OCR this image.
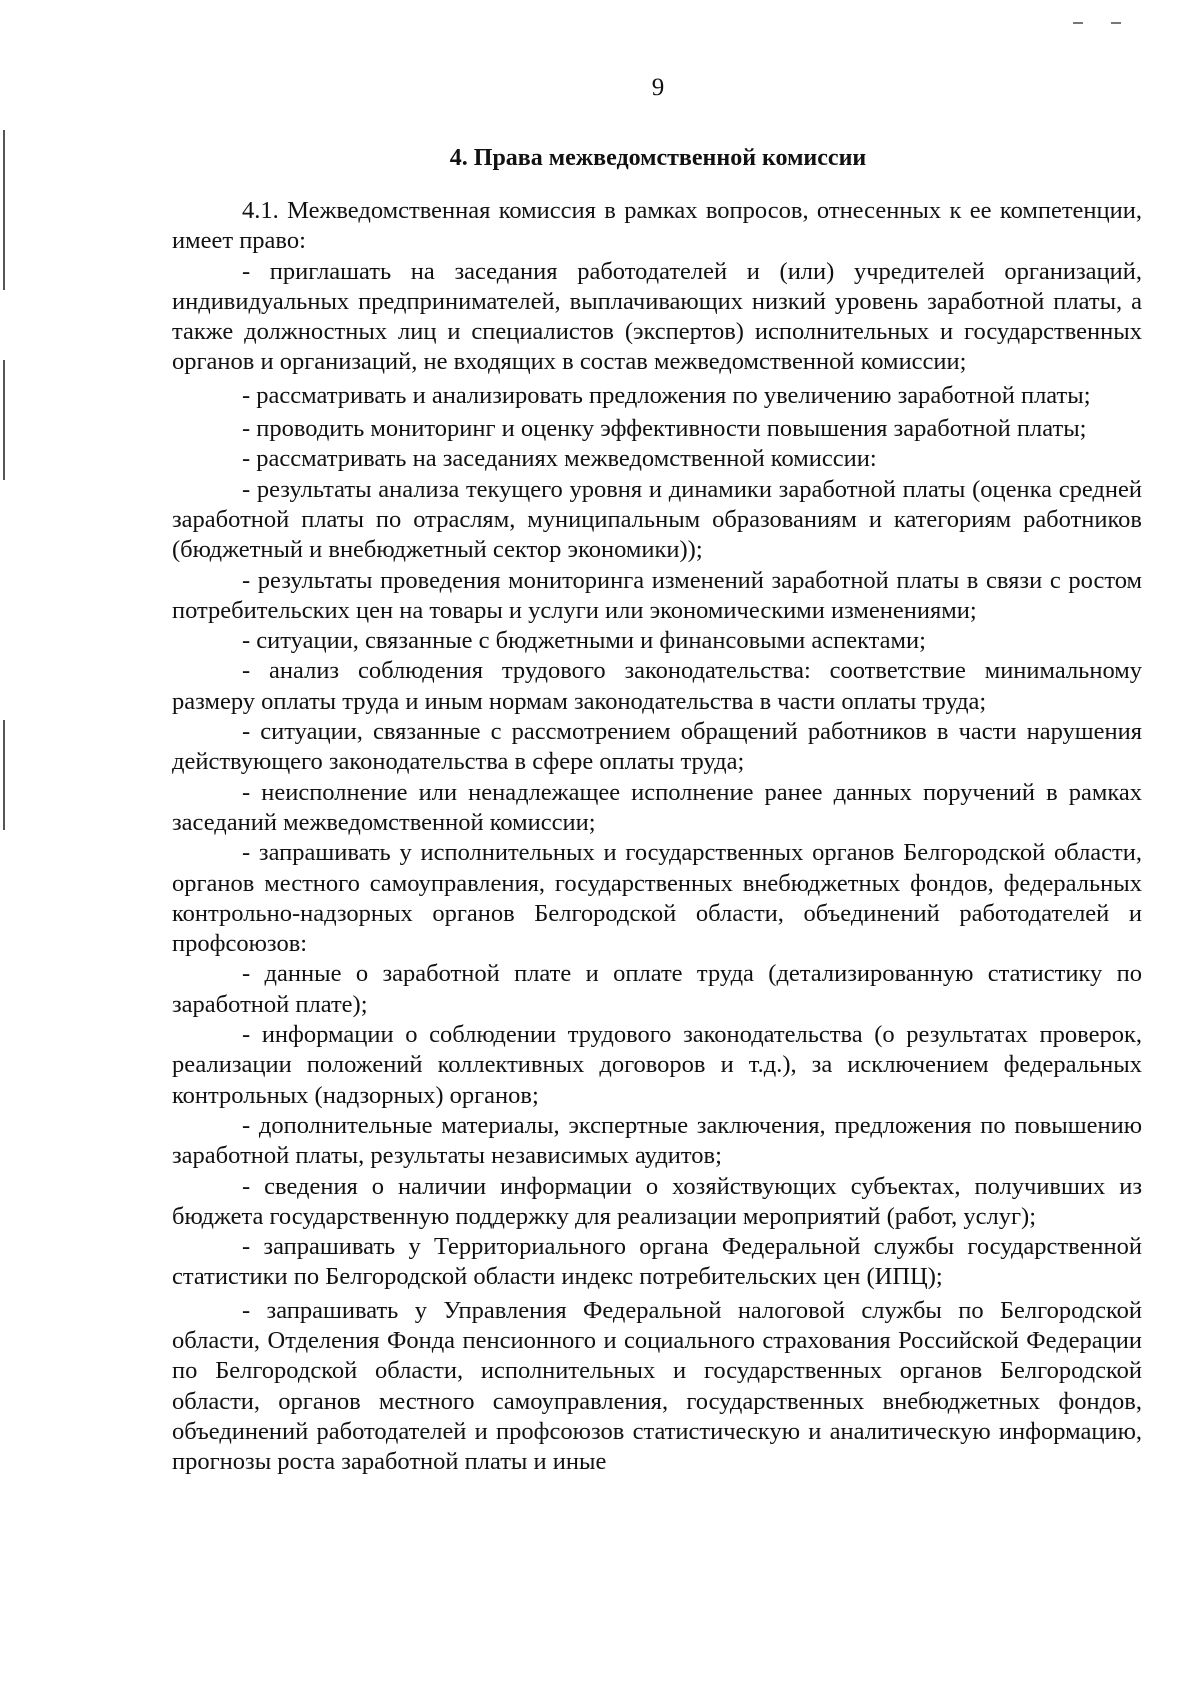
9
4. Права межведомственной комиссии

4.1. Межведомственная комиссия в рамках вопросов, отнесенных к ее компетенции, имеет право:

- приглашать на заседания работодателей и (или) учредителей организаций, индивидуальных предпринимателей, выплачивающих низкий уровень заработной платы, а также должностных лиц и специалистов (экспертов) исполнительных и государственных органов и организаций, не входящих в состав межведомственной комиссии;

- рассматривать и анализировать предложения по увеличению заработной платы;

- проводить мониторинг и оценку эффективности повышения заработной платы;

- рассматривать на заседаниях межведомственной комиссии:

- результаты анализа текущего уровня и динамики заработной платы (оценка средней заработной платы по отраслям, муниципальным образованиям и категориям работников (бюджетный и внебюджетный сектор экономики));

- результаты проведения мониторинга изменений заработной платы в связи с ростом потребительских цен на товары и услуги или экономическими изменениями;

- ситуации, связанные с бюджетными и финансовыми аспектами;

- анализ соблюдения трудового законодательства: соответствие минимальному размеру оплаты труда и иным нормам законодательства в части оплаты труда;

- ситуации, связанные с рассмотрением обращений работников в части нарушения действующего законодательства в сфере оплаты труда;

- неисполнение или ненадлежащее исполнение ранее данных поручений в рамках заседаний межведомственной комиссии;

- запрашивать у исполнительных и государственных органов Белгородской области, органов местного самоуправления, государственных внебюджетных фондов, федеральных контрольно-надзорных органов Белгородской области, объединений работодателей и профсоюзов:

- данные о заработной плате и оплате труда (детализированную статистику по заработной плате);

- информации о соблюдении трудового законодательства (о результатах проверок, реализации положений коллективных договоров и т.д.), за исключением федеральных контрольных (надзорных) органов;

- дополнительные материалы, экспертные заключения, предложения по повышению заработной платы, результаты независимых аудитов;

- сведения о наличии информации о хозяйствующих субъектах, получивших из бюджета государственную поддержку для реализации мероприятий (работ, услуг);

- запрашивать у Территориального органа Федеральной службы государственной статистики по Белгородской области индекс потребительских цен (ИПЦ);

- запрашивать у Управления Федеральной налоговой службы по Белгородской области, Отделения Фонда пенсионного и социального страхования Российской Федерации по Белгородской области, исполнительных и государственных органов Белгородской области, органов местного самоуправления, государственных внебюджетных фондов, объединений работодателей и профсоюзов статистическую и аналитическую информацию, прогнозы роста заработной платы и иные
